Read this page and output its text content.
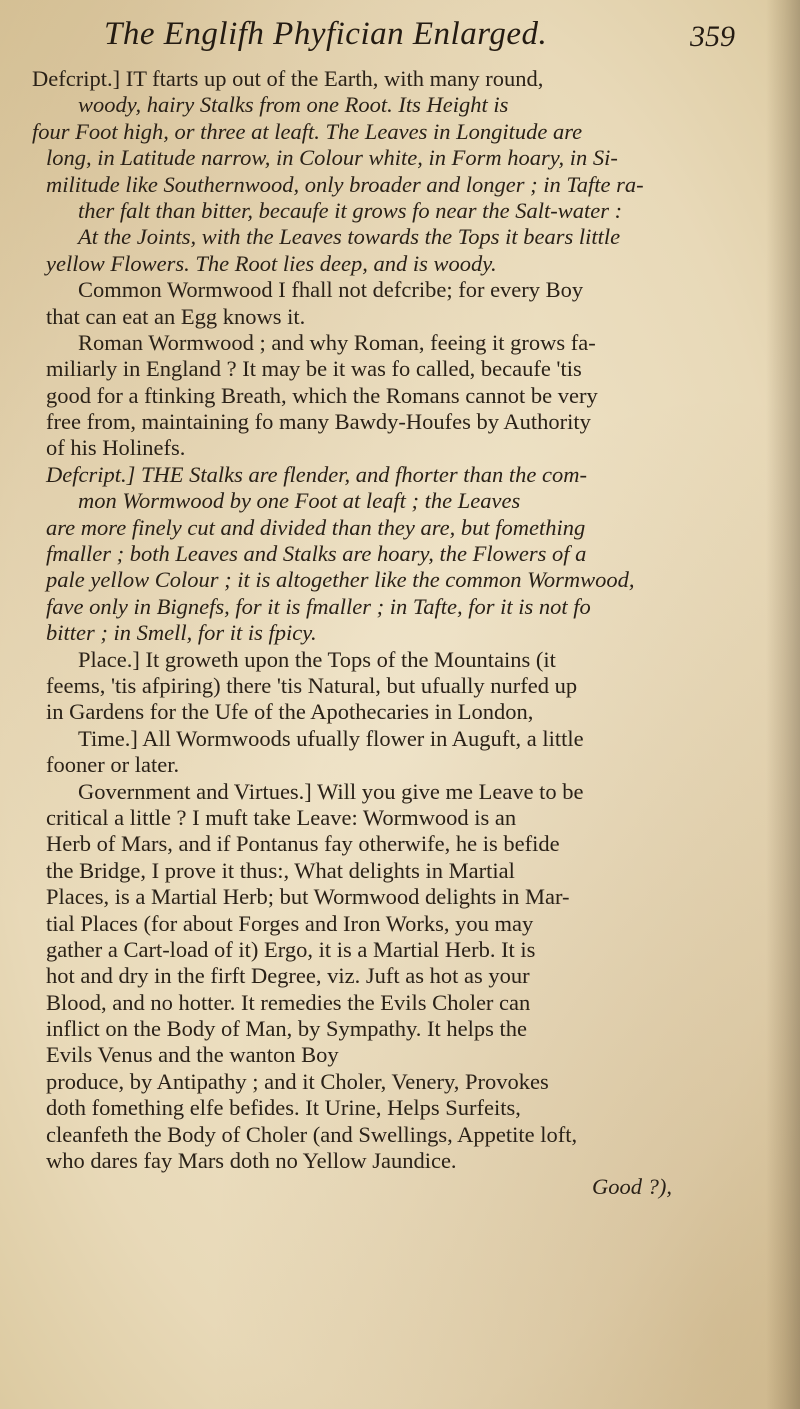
The Englifh Phyfician Enlarged.	359
Defcript.] IT ftarts up out of the Earth, with many round,
woody, hairy Stalks from one Root. Its Height is
four Foot high, or three at leaft. The Leaves in Longitude are
long, in Latitude narrow, in Colour white, in Form hoary, in Si-
militude like Southernwood, only broader and longer ; in Tafte ra-
ther falt than bitter, becaufe it grows fo near the Salt-water :
At the Joints, with the Leaves towards the Tops it bears little
yellow Flowers. The Root lies deep, and is woody.
Common Wormwood I fhall not defcribe; for every Boy
that can eat an Egg knows it.
Roman Wormwood ; and why Roman, feeing it grows fa-
miliarly in England ? It may be it was fo called, becaufe 'tis
good for a ftinking Breath, which the Romans cannot be very
free from, maintaining fo many Bawdy-Houfes by Authority
of his Holinefs.
Defcript.] THE Stalks are flender, and fhorter than the com-
mon Wormwood by one Foot at leaft ; the Leaves
are more finely cut and divided than they are, but fomething
fmaller ; both Leaves and Stalks are hoary, the Flowers of a
pale yellow Colour ; it is altogether like the common Wormwood,
fave only in Bignefs, for it is fmaller ; in Tafte, for it is not fo
bitter ; in Smell, for it is fpicy.
Place.] It groweth upon the Tops of the Mountains (it
feems, 'tis afpiring) there 'tis Natural, but ufually nurfed up
in Gardens for the Ufe of the Apothecaries in London,
Time.] All Wormwoods ufually flower in Auguft, a little
fooner or later.
Government and Virtues.] Will you give me Leave to be
critical a little ? I muft take Leave: Wormwood is an
Herb of Mars, and if Pontanus fay otherwife, he is befide
the Bridge, I prove it thus:, What delights in Martial
Places, is a Martial Herb; but Wormwood delights in Mar-
tial Places (for about Forges and Iron Works, you may
gather a Cart-load of it) Ergo, it is a Martial Herb. It is
hot and dry in the firft Degree, viz. Juft as hot as your
Blood, and no hotter. It remedies the Evils Choler can
inflict on the Body of Man, by Sympathy. It helps the
Evils Venus and the wanton Boy
produce, by Antipathy ; and it Choler, Venery, Provokes
doth fomething elfe befides. It Urine, Helps Surfeits,
cleanfeth the Body of Choler (and Swellings, Appetite loft,
who dares fay Mars doth no Yellow Jaundice.
Good ?),
